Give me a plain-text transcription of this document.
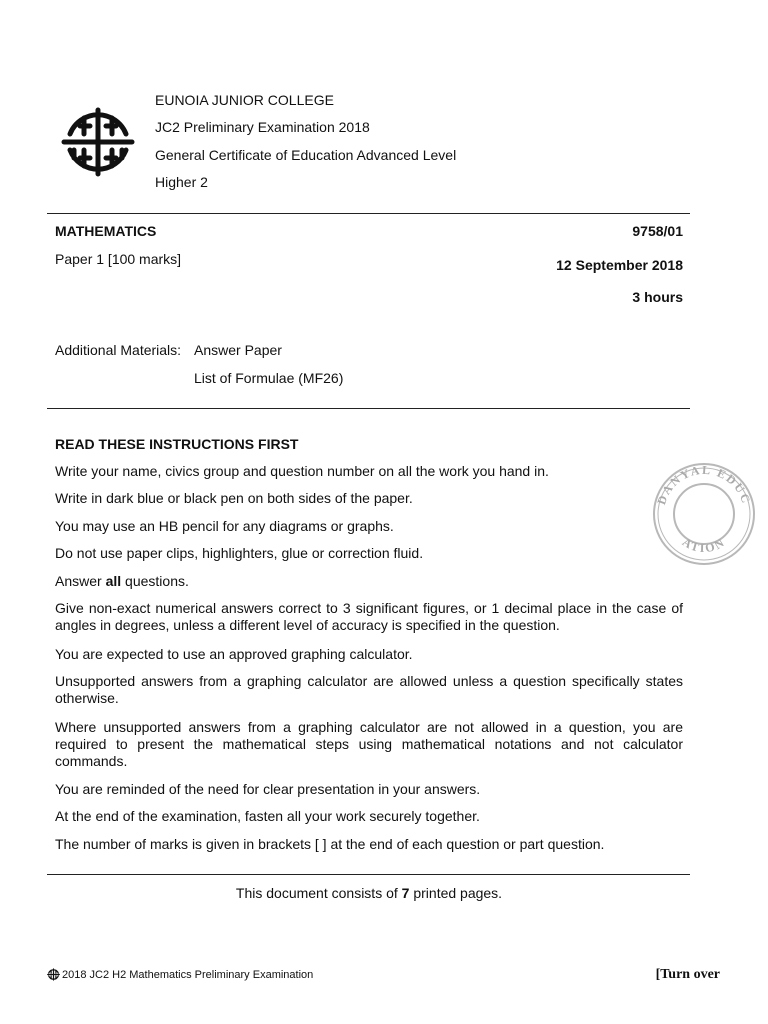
EUNOIA JUNIOR COLLEGE
JC2 Preliminary Examination 2018
General Certificate of Education Advanced Level
Higher 2
MATHEMATICS	9758/01
Paper 1 [100 marks]	12 September 2018
3 hours
Additional Materials: Answer Paper
List of Formulae (MF26)
READ THESE INSTRUCTIONS FIRST
Write your name, civics group and question number on all the work you hand in.
Write in dark blue or black pen on both sides of the paper.
You may use an HB pencil for any diagrams or graphs.
Do not use paper clips, highlighters, glue or correction fluid.
Answer all questions.
Give non-exact numerical answers correct to 3 significant figures, or 1 decimal place in the case of angles in degrees, unless a different level of accuracy is specified in the question.
You are expected to use an approved graphing calculator.
Unsupported answers from a graphing calculator are allowed unless a question specifically states otherwise.
Where unsupported answers from a graphing calculator are not allowed in a question, you are required to present the mathematical steps using mathematical notations and not calculator commands.
You are reminded of the need for clear presentation in your answers.
At the end of the examination, fasten all your work securely together.
The number of marks is given in brackets [ ] at the end of each question or part question.
This document consists of 7 printed pages.
DANYAL EDUC
ATION
2018 JC2 H2 Mathematics Preliminary Examination	[Turn over
